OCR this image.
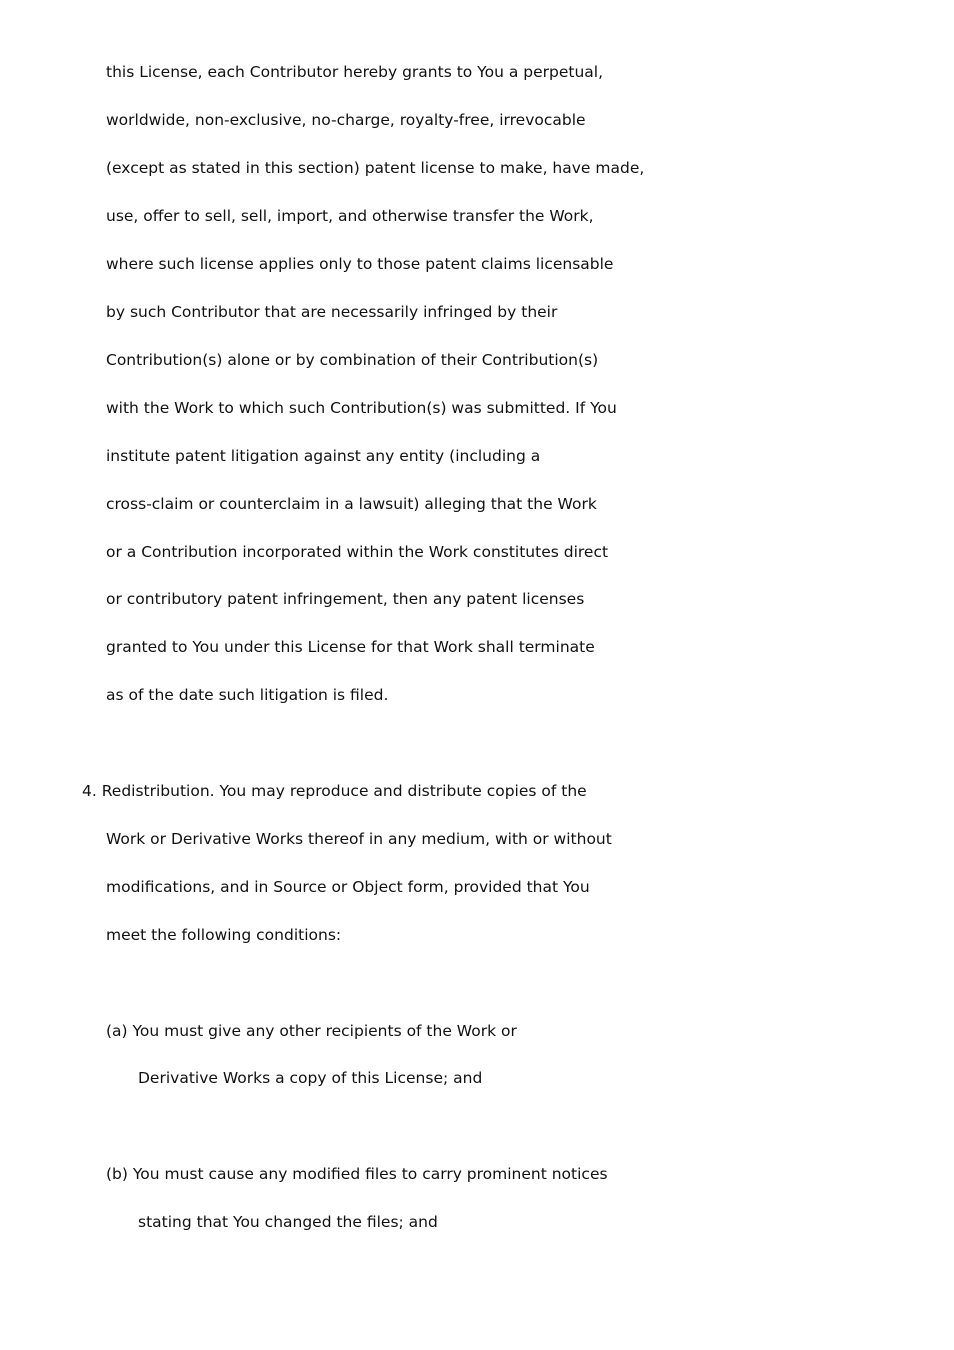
this License, each Contributor hereby grants to You a perpetual,
worldwide, non-exclusive, no-charge, royalty-free, irrevocable
(except as stated in this section) patent license to make, have made,
use, offer to sell, sell, import, and otherwise transfer the Work,
where such license applies only to those patent claims licensable
by such Contributor that are necessarily infringed by their
Contribution(s) alone or by combination of their Contribution(s)
with the Work to which such Contribution(s) was submitted. If You
institute patent litigation against any entity (including a
cross-claim or counterclaim in a lawsuit) alleging that the Work
or a Contribution incorporated within the Work constitutes direct
or contributory patent infringement, then any patent licenses
granted to You under this License for that Work shall terminate
as of the date such litigation is filed.
4. Redistribution. You may reproduce and distribute copies of the
Work or Derivative Works thereof in any medium, with or without
modifications, and in Source or Object form, provided that You
meet the following conditions:
(a) You must give any other recipients of the Work or
Derivative Works a copy of this License; and
(b) You must cause any modified files to carry prominent notices
stating that You changed the files; and
